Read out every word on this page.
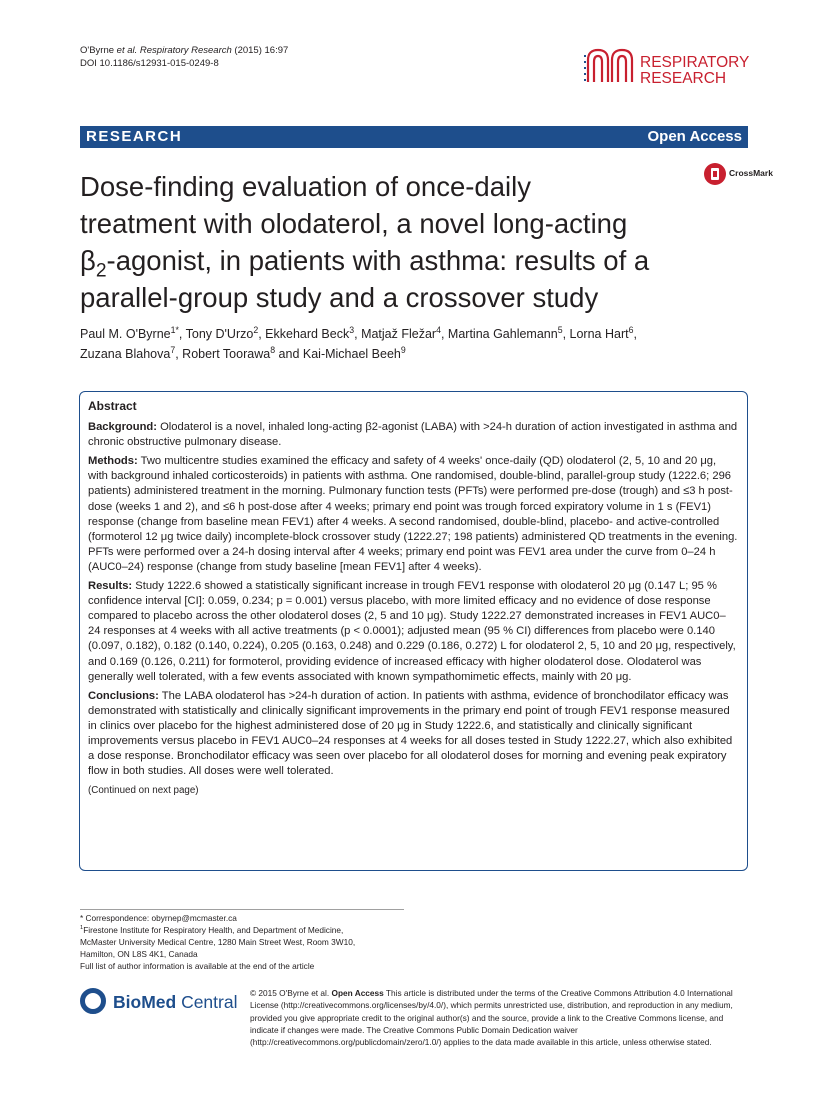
O'Byrne et al. Respiratory Research (2015) 16:97
DOI 10.1186/s12931-015-0249-8	RESPIRATORY
RESEARCH
RESEARCH	Open Access
CrossMark
Dose-finding evaluation of once-daily
treatment with olodaterol, a novel long-acting
$\beta_2$-agonist, in patients with asthma: results of a
parallel-group study and a crossover study
Paul M. O'Byrne$^{1*}$, Tony D'Urzo$^2$, Ekkehard Beck$^3$, Matjaž Fležar$^4$, Martina Gahlemann$^5$, Lorna Hart$^6$,
Zuzana Blahova$^7$, Robert Toorawa$^8$ and Kai-Michael Beeh$^9$
Abstract

Background: Olodaterol is a novel, inhaled long-acting β2-agonist (LABA) with >24-h duration of action investigated in asthma and chronic obstructive pulmonary disease.

Methods: Two multicentre studies examined the efficacy and safety of 4 weeks' once-daily (QD) olodaterol (2, 5, 10 and 20 μg, with background inhaled corticosteroids) in patients with asthma. One randomised, double-blind, parallel-group study (1222.6; 296 patients) administered treatment in the morning. Pulmonary function tests (PFTs) were performed pre-dose (trough) and ≤3 h post-dose (weeks 1 and 2), and ≤6 h post-dose after 4 weeks; primary end point was trough forced expiratory volume in 1 s (FEV1) response (change from baseline mean FEV1) after 4 weeks. A second randomised, double-blind, placebo- and active-controlled (formoterol 12 μg twice daily) incomplete-block crossover study (1222.27; 198 patients) administered QD treatments in the evening. PFTs were performed over a 24-h dosing interval after 4 weeks; primary end point was FEV1 area under the curve from 0–24 h (AUC0–24) response (change from study baseline [mean FEV1] after 4 weeks).

Results: Study 1222.6 showed a statistically significant increase in trough FEV1 response with olodaterol 20 μg (0.147 L; 95 % confidence interval [CI]: 0.059, 0.234; p = 0.001) versus placebo, with more limited efficacy and no evidence of dose response compared to placebo across the other olodaterol doses (2, 5 and 10 μg). Study 1222.27 demonstrated increases in FEV1 AUC0–24 responses at 4 weeks with all active treatments (p < 0.0001); adjusted mean (95 % CI) differences from placebo were 0.140 (0.097, 0.182), 0.182 (0.140, 0.224), 0.205 (0.163, 0.248) and 0.229 (0.186, 0.272) L for olodaterol 2, 5, 10 and 20 μg, respectively, and 0.169 (0.126, 0.211) for formoterol, providing evidence of increased efficacy with higher olodaterol dose. Olodaterol was generally well tolerated, with a few events associated with known sympathomimetic effects, mainly with 20 μg.

Conclusions: The LABA olodaterol has >24-h duration of action. In patients with asthma, evidence of bronchodilator efficacy was demonstrated with statistically and clinically significant improvements in the primary end point of trough FEV1 response measured in clinics over placebo for the highest administered dose of 20 μg in Study 1222.6, and statistically and clinically significant improvements versus placebo in FEV1 AUC0–24 responses at 4 weeks for all doses tested in Study 1222.27, which also exhibited a dose response. Bronchodilator efficacy was seen over placebo for all olodaterol doses for morning and evening peak expiratory flow in both studies. All doses were well tolerated.

(Continued on next page)
* Correspondence: obyrnep@mcmaster.ca
$^1$Firestone Institute for Respiratory Health, and Department of Medicine,
McMaster University Medical Centre, 1280 Main Street West, Room 3W10,
Hamilton, ON L8S 4K1, Canada
Full list of author information is available at the end of the article
BioMed Central © 2015 O'Byrne et al. Open Access This article is distributed under the terms of the Creative Commons Attribution 4.0 International License (http://creativecommons.org/licenses/by/4.0/), which permits unrestricted use, distribution, and reproduction in any medium, provided you give appropriate credit to the original author(s) and the source, provide a link to the Creative Commons license, and indicate if changes were made. The Creative Commons Public Domain Dedication waiver (http://creativecommons.org/publicdomain/zero/1.0/) applies to the data made available in this article, unless otherwise stated.
